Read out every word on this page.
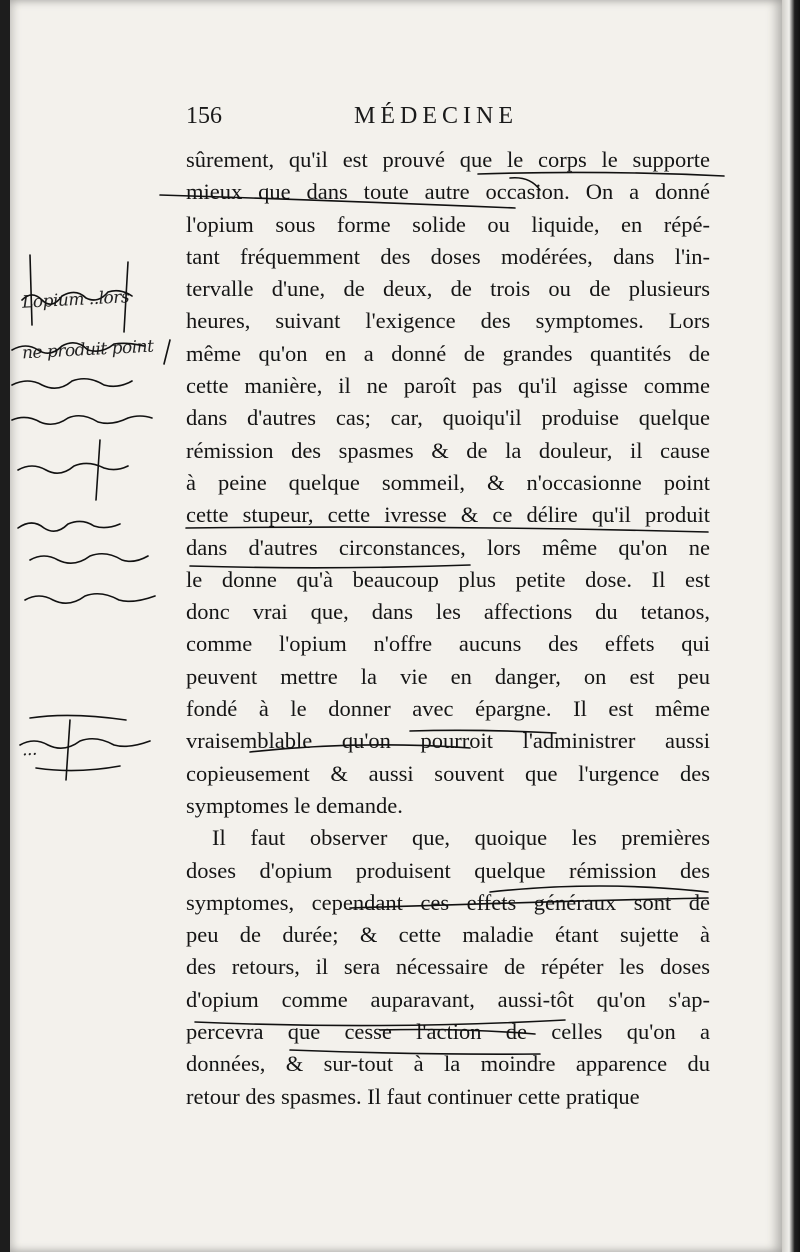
156	MÉDECINE
sûrement, qu'il est prouvé que le corps le supporte
mieux que dans toute autre occasion. On a donné
l'opium sous forme solide ou liquide, en répé-
tant fréquemment des doses modérées, dans l'in-
tervalle d'une, de deux, de trois ou de plusieurs
heures, suivant l'exigence des symptomes. Lors
même qu'on en a donné de grandes quantités de
cette manière, il ne paroît pas qu'il agisse comme
dans d'autres cas; car, quoiqu'il produise quelque
rémission des spasmes & de la douleur, il cause
à peine quelque sommeil, & n'occasionne point
cette stupeur, cette ivresse & ce délire qu'il produit
dans d'autres circonstances, lors même qu'on ne
le donne qu'à beaucoup plus petite dose. Il est
donc vrai que, dans les affections du tetanos,
comme l'opium n'offre aucuns des effets qui
peuvent mettre la vie en danger, on est peu
fondé à le donner avec épargne. Il est même
vraisemblable qu'on pourroit l'administrer aussi
copieusement & aussi souvent que l'urgence des
symptomes le demande.
Il faut observer que, quoique les premières
doses d'opium produisent quelque rémission des
symptomes, cependant ces effets généraux sont de
peu de durée; & cette maladie étant sujette à
des retours, il sera nécessaire de répéter les doses
d'opium comme auparavant, aussi-tôt qu'on s'ap-
percevra que cesse l'action de celles qu'on a
données, & sur-tout à la moindre apparence du
retour des spasmes. Il faut continuer cette pratique
Lopium ..lors
ne produit point
...
